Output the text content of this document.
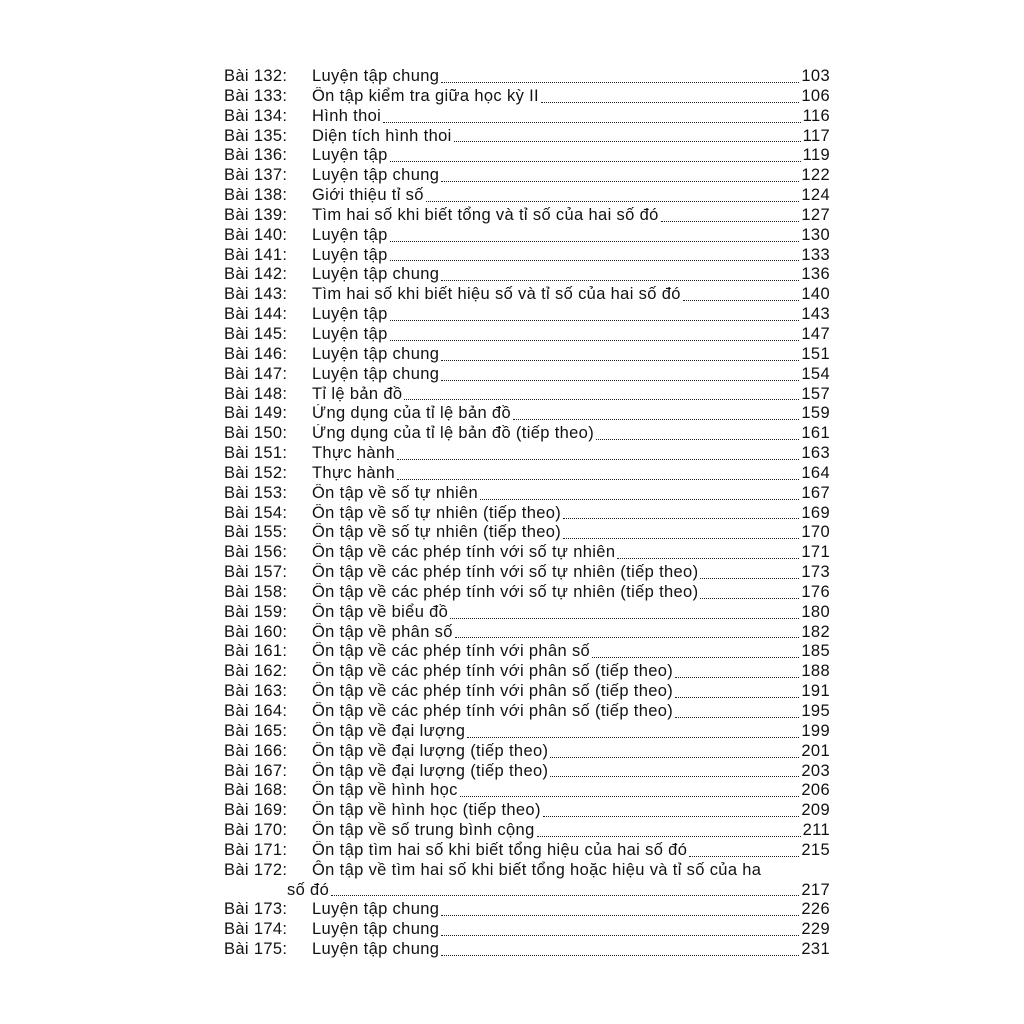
Bài 132:	Luyện tập chung	103
Bài 133:	Ôn tập kiểm tra giữa học kỳ II	106
Bài 134:	Hình thoi	116
Bài 135:	Diện tích hình thoi	117
Bài 136:	Luyện tập	119
Bài 137:	Luyện tập chung	122
Bài 138:	Giới thiệu tỉ số	124
Bài 139:	Tìm hai số khi biết tổng và tỉ số của hai số đó	127
Bài 140:	Luyện tập	130
Bài 141:	Luyện tập	133
Bài 142:	Luyện tập chung	136
Bài 143:	Tìm hai số khi biết hiệu số và tỉ số của hai số đó	140
Bài 144:	Luyện tập	143
Bài 145:	Luyện tập	147
Bài 146:	Luyện tập chung	151
Bài 147:	Luyện tập chung	154
Bài 148:	Tỉ lệ bản đồ	157
Bài 149:	Ứng dụng của tỉ lệ bản đồ	159
Bài 150:	Ứng dụng của tỉ lệ bản đồ (tiếp theo)	161
Bài 151:	Thực hành	163
Bài 152:	Thực hành	164
Bài 153:	Ôn tập về số tự nhiên	167
Bài 154:	Ôn tập về số tự nhiên (tiếp theo)	169
Bài 155:	Ôn tập về số tự nhiên (tiếp theo)	170
Bài 156:	Ôn tập về các phép tính với số tự nhiên	171
Bài 157:	Ôn tập về các phép tính với số tự nhiên (tiếp theo)	173
Bài 158:	Ôn tập về các phép tính với số tự nhiên (tiếp theo)	176
Bài 159:	Ôn tập về biểu đồ	180
Bài 160:	Ôn tập về phân số	182
Bài 161:	Ôn tập về các phép tính với phân số	185
Bài 162:	Ôn tập về các phép tính với phân số (tiếp theo)	188
Bài 163:	Ôn tập về các phép tính với phân số (tiếp theo)	191
Bài 164:	Ôn tập về các phép tính với phân số (tiếp theo)	195
Bài 165:	Ôn tập về đại lượng	199
Bài 166:	Ôn tập về đại lượng (tiếp theo)	201
Bài 167:	Ôn tập về đại lượng (tiếp theo)	203
Bài 168:	Ôn tập về hình học	206
Bài 169:	Ôn tập về hình học (tiếp theo)	209
Bài 170:	Ôn tập về số trung bình cộng	211
Bài 171:	Ôn tập tìm hai số khi biết tổng hiệu của hai số đó	215
Bài 172:	Ôn tập về tìm hai số khi biết tổng hoặc hiệu và tỉ số của ha
số đó	217
Bài 173:	Luyện tập chung	226
Bài 174:	Luyện tập chung	229
Bài 175:	Luyện tập chung	231
